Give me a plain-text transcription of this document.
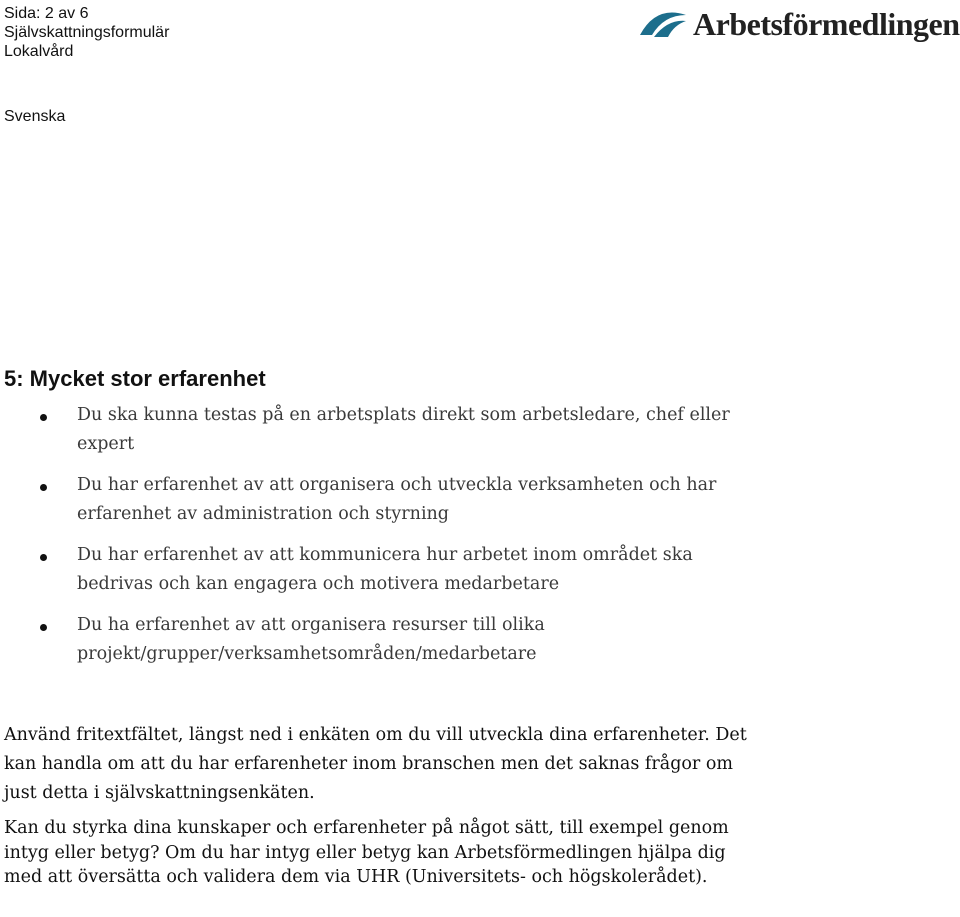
Sida: 2 av 6
Självskattningsformulär
Lokalvård
Arbetsförmedlingen
Svenska
5: Mycket stor erfarenhet
Du ska kunna testas på en arbetsplats direkt som arbetsledare, chef eller expert
Du har erfarenhet av att organisera och utveckla verksamheten och har erfarenhet av administration och styrning
Du har erfarenhet av att kommunicera hur arbetet inom området ska bedrivas och kan engagera och motivera medarbetare
Du ha erfarenhet av att organisera resurser till olika projekt/grupper/verksamhetsområden/medarbetare

Använd fritextfältet, längst ned i enkäten om du vill utveckla dina erfarenheter. Det kan handla om att du har erfarenheter inom branschen men det saknas frågor om just detta i självskattningsenkäten.

Kan du styrka dina kunskaper och erfarenheter på något sätt, till exempel genom intyg eller betyg? Om du har intyg eller betyg kan Arbetsförmedlingen hjälpa dig med att översätta och validera dem via UHR (Universitets- och högskolerådet).
